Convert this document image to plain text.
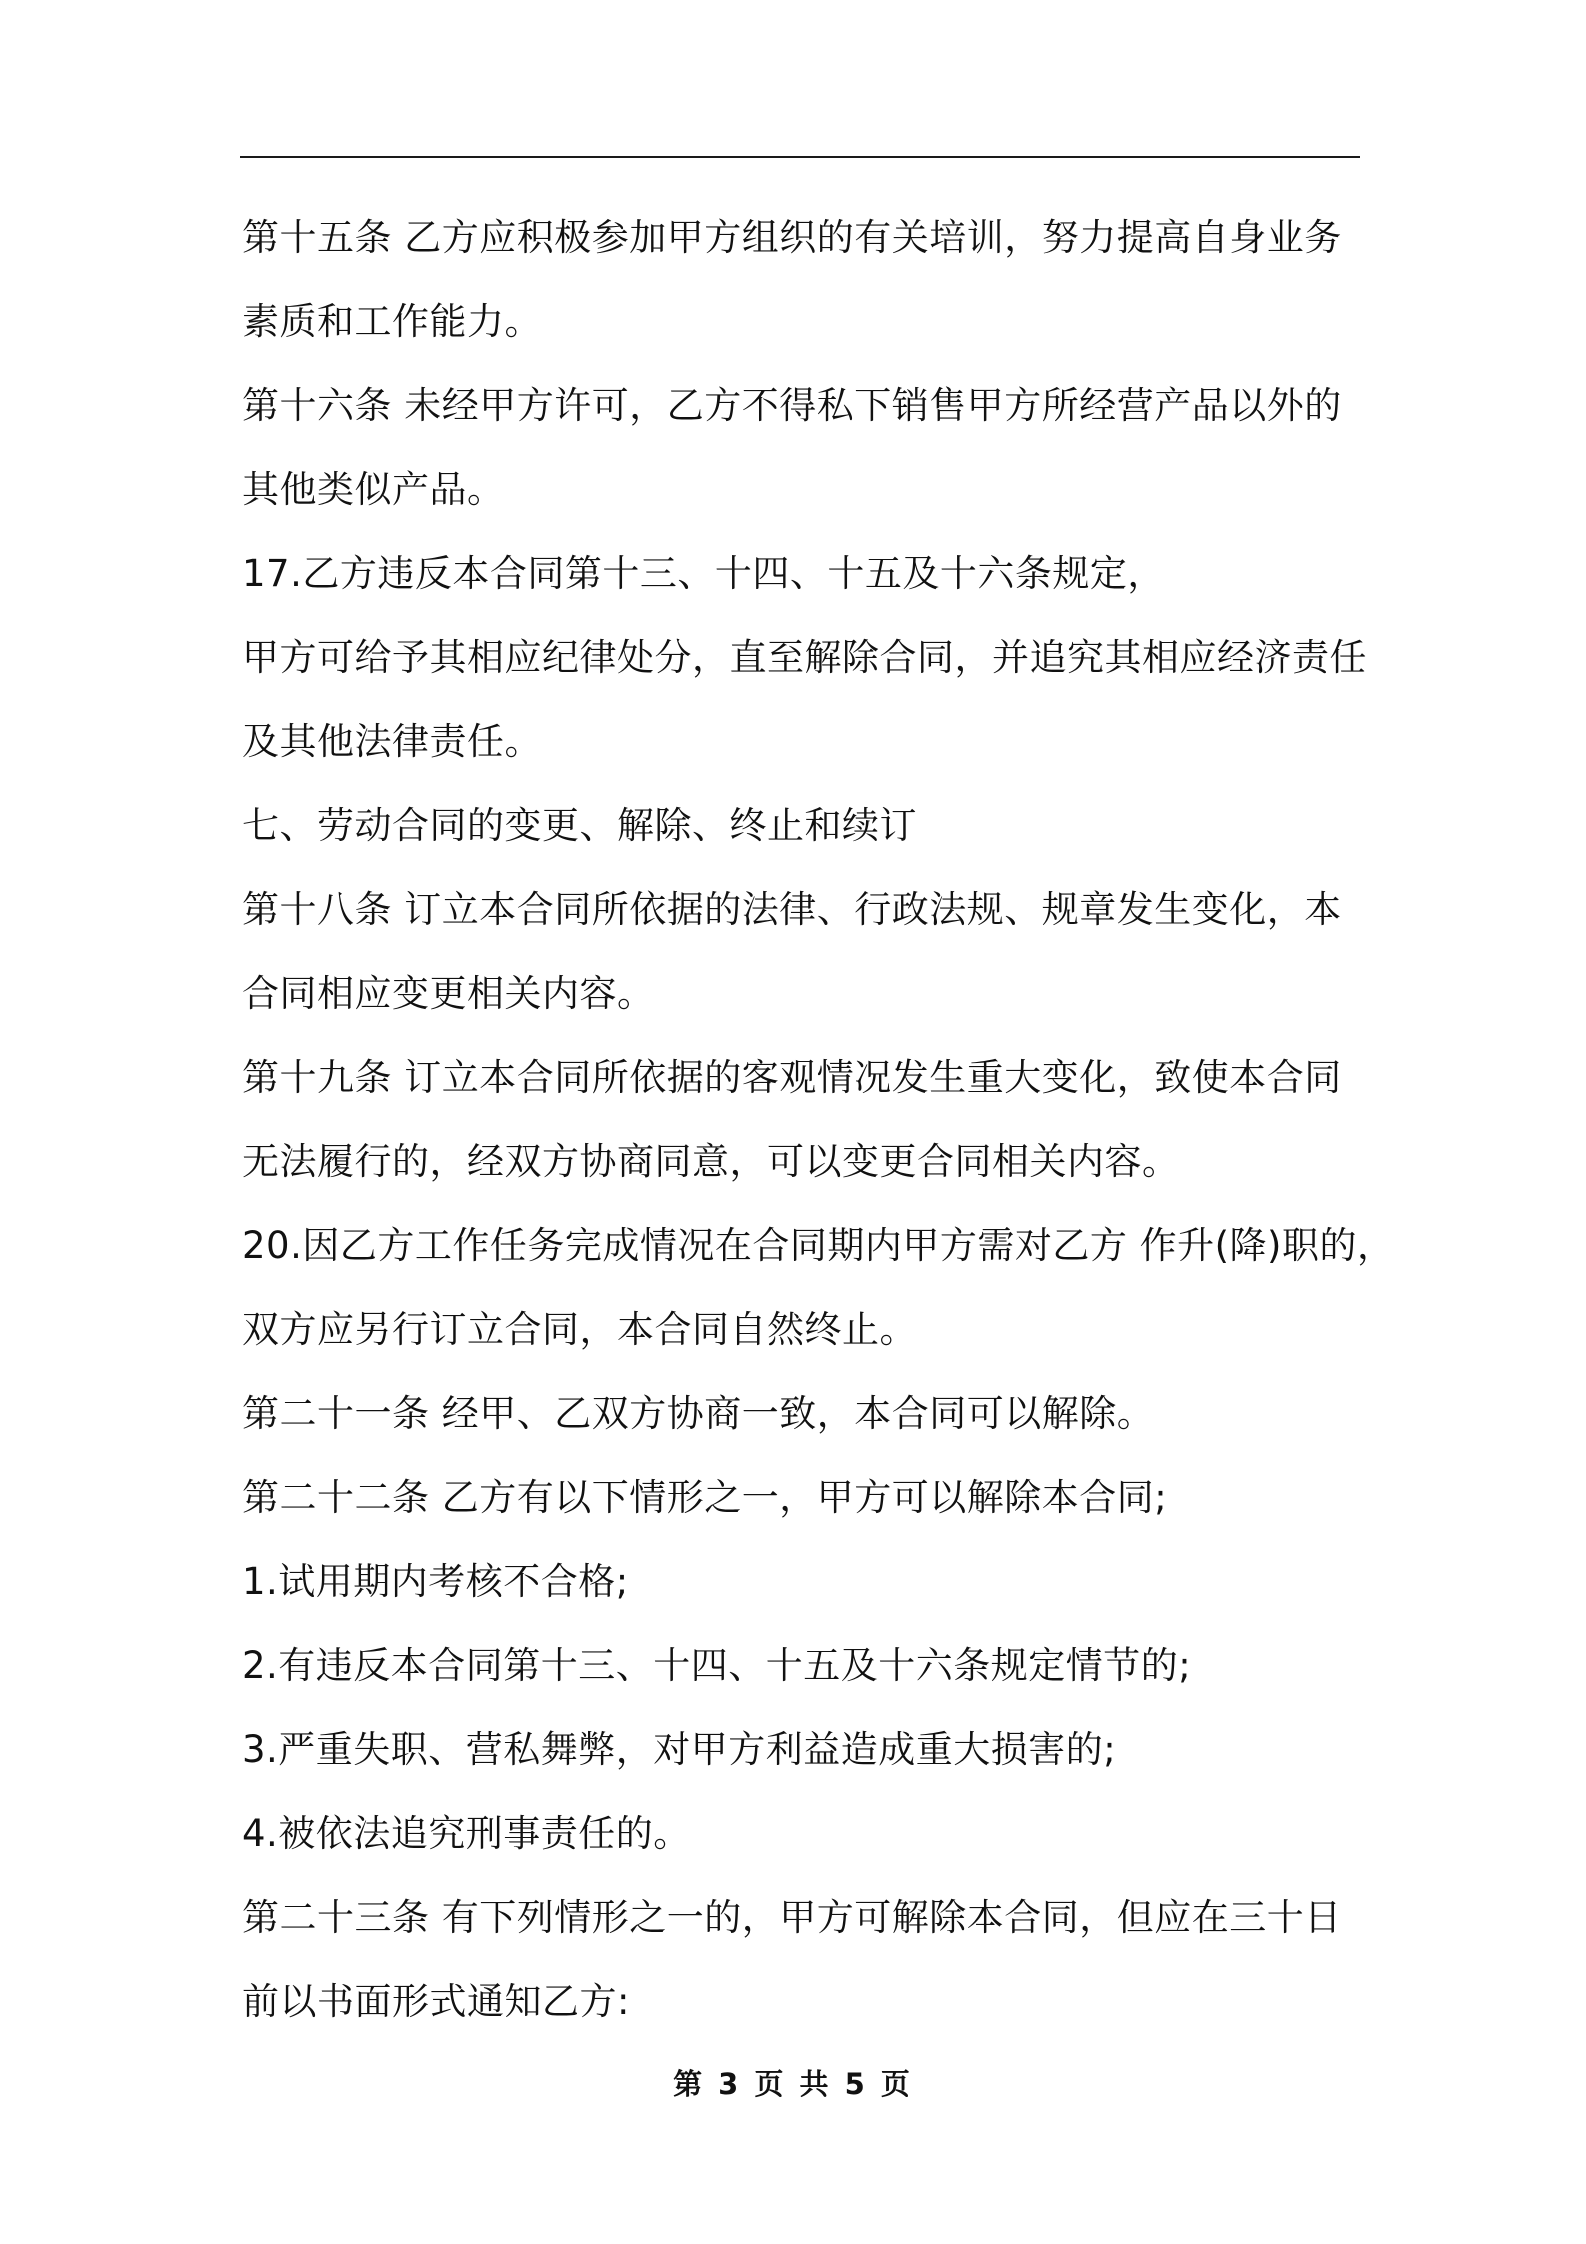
第十五条 乙方应积极参加甲方组织的有关培训，努力提高自身业务
素质和工作能力。
第十六条 未经甲方许可，乙方不得私下销售甲方所经营产品以外的
其他类似产品。
17.乙方违反本合同第十三、十四、十五及十六条规定，
甲方可给予其相应纪律处分，直至解除合同，并追究其相应经济责任
及其他法律责任。
七、劳动合同的变更、解除、终止和续订
第十八条 订立本合同所依据的法律、行政法规、规章发生变化，本
合同相应变更相关内容。
第十九条 订立本合同所依据的客观情况发生重大变化，致使本合同
无法履行的，经双方协商同意，可以变更合同相关内容。
20.因乙方工作任务完成情况在合同期内甲方需对乙方 作升(降)职的，
双方应另行订立合同，本合同自然终止。
第二十一条 经甲、乙双方协商一致，本合同可以解除。
第二十二条 乙方有以下情形之一，甲方可以解除本合同;
1.试用期内考核不合格;
2.有违反本合同第十三、十四、十五及十六条规定情节的;
3.严重失职、营私舞弊，对甲方利益造成重大损害的;
4.被依法追究刑事责任的。
第二十三条 有下列情形之一的，甲方可解除本合同，但应在三十日
前以书面形式通知乙方:
第 3 页 共 5 页
